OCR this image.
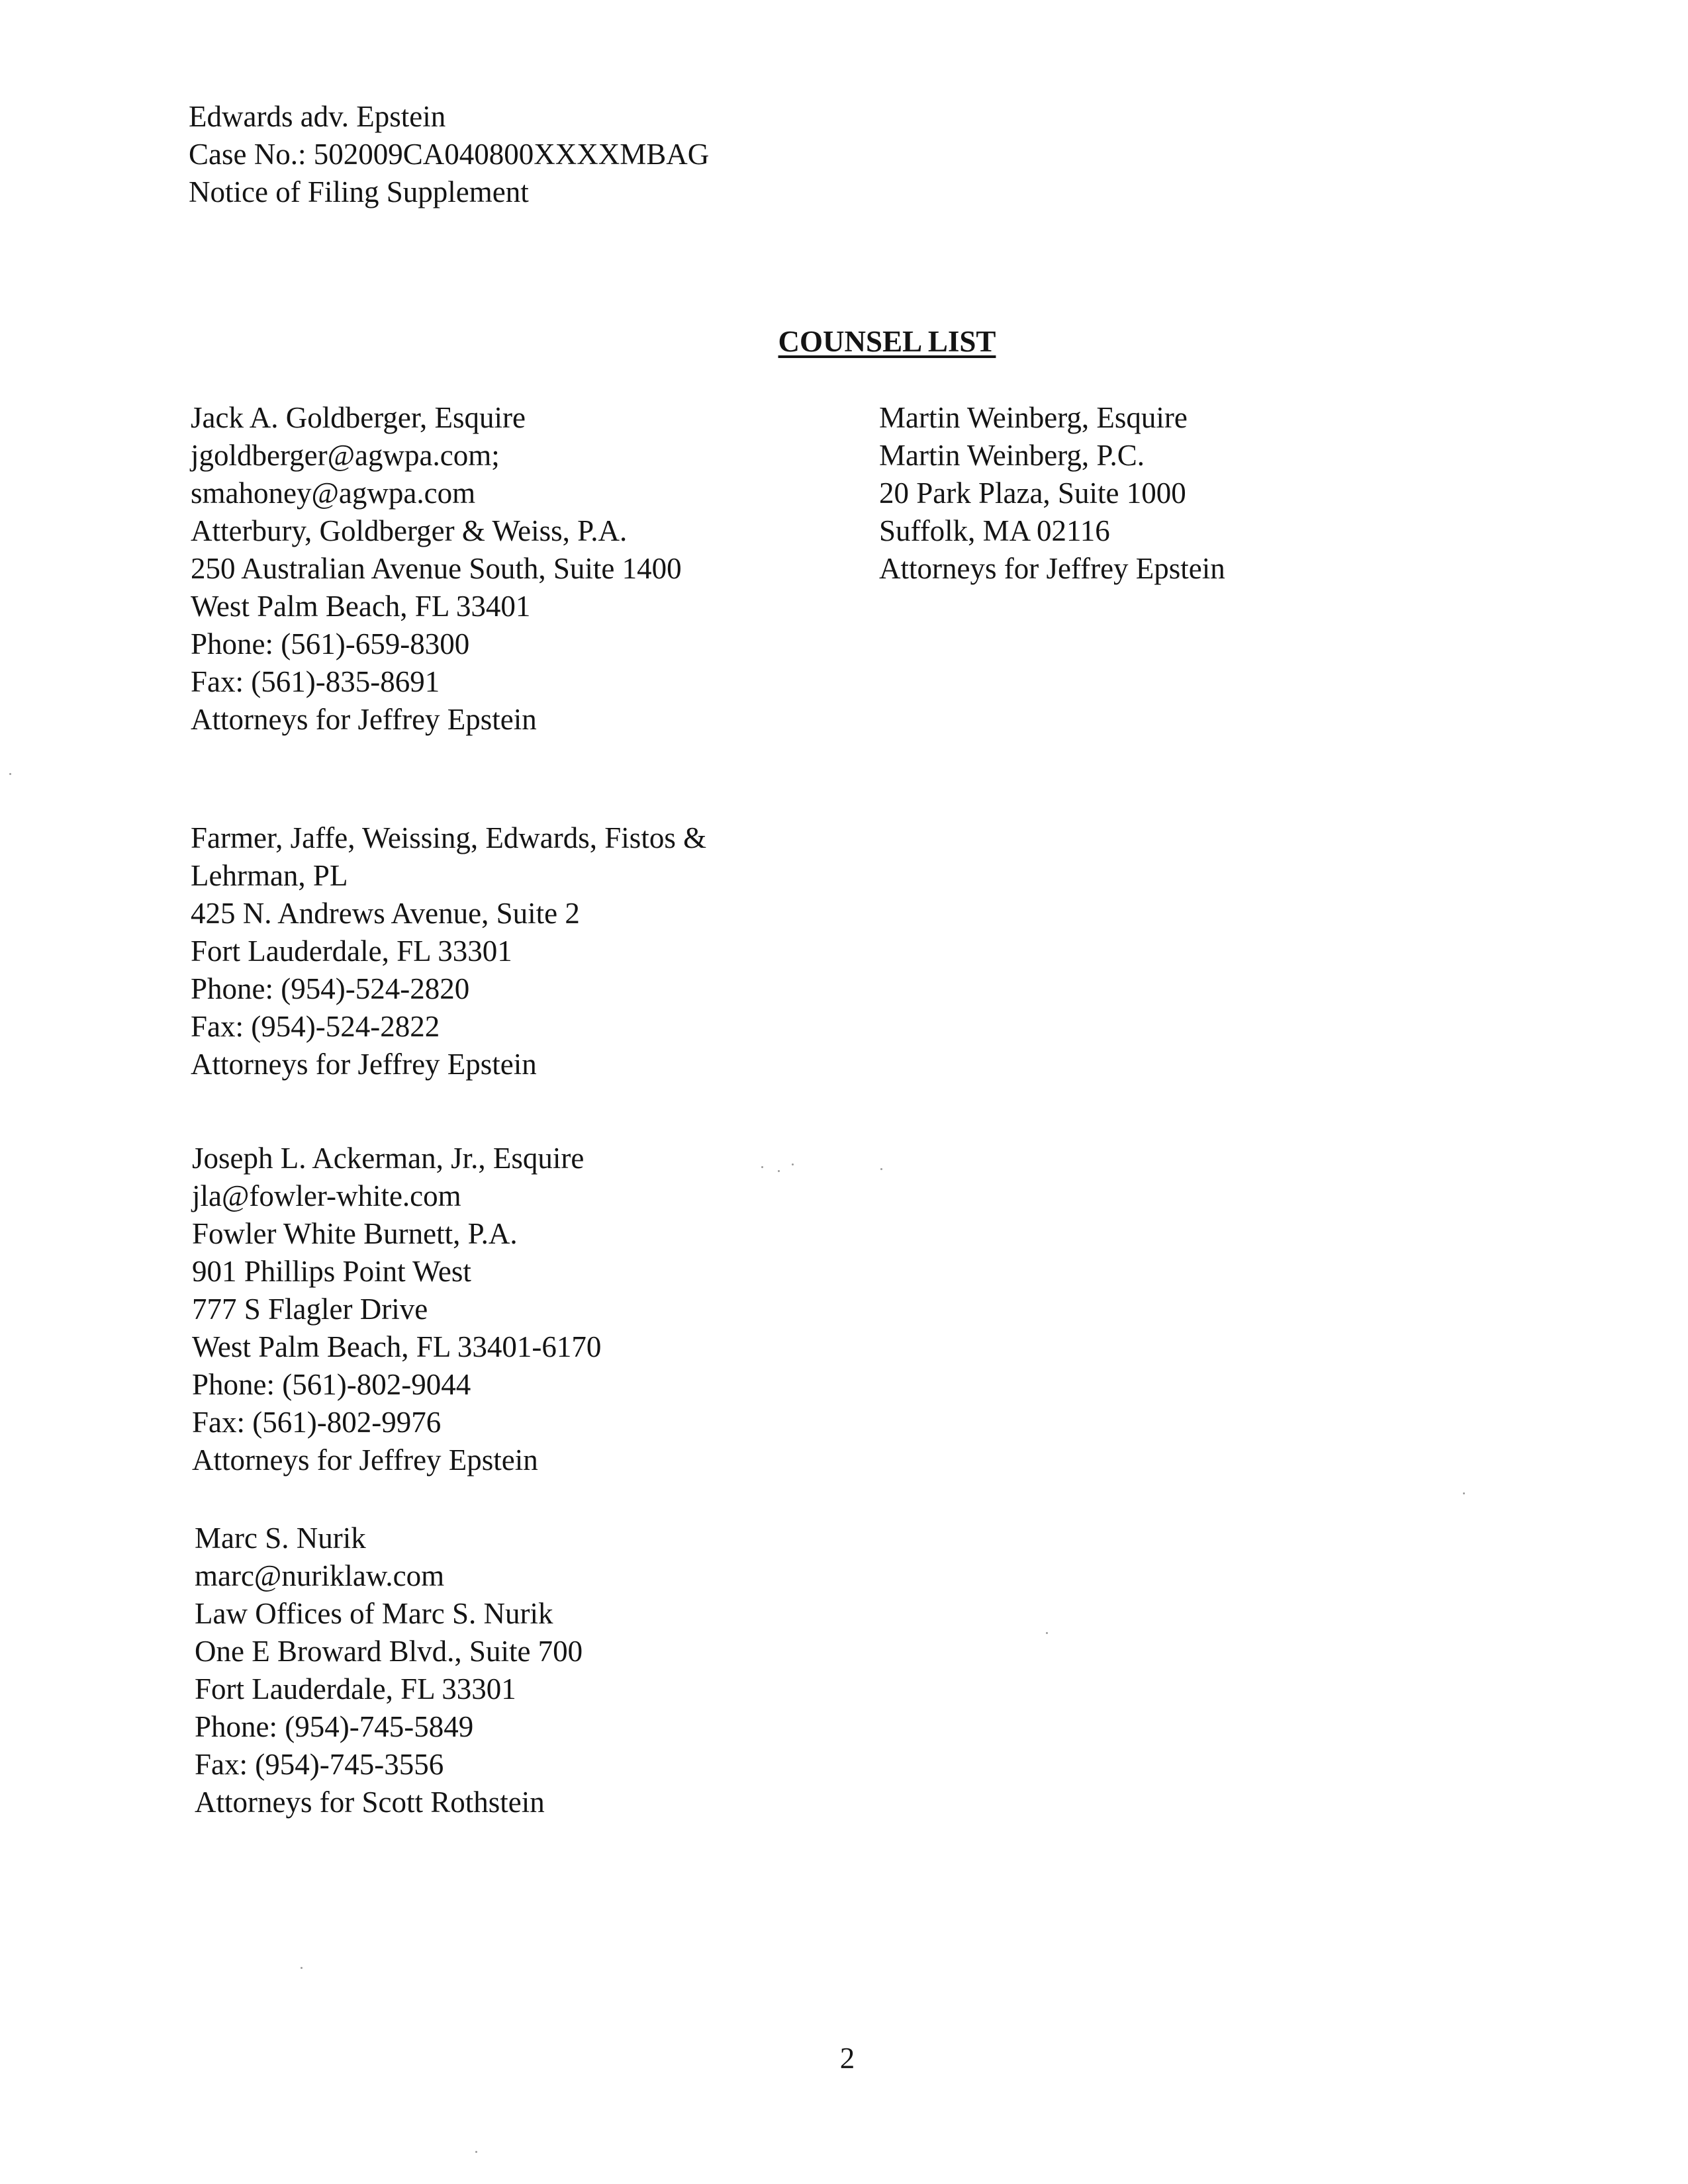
Edwards adv. Epstein
Case No.: 502009CA040800XXXXMBAG
Notice of Filing Supplement
COUNSEL LIST
Jack A. Goldberger, Esquire
jgoldberger@agwpa.com;
smahoney@agwpa.com
Atterbury, Goldberger & Weiss, P.A.
250 Australian Avenue South, Suite 1400
West Palm Beach, FL 33401
Phone: (561)-659-8300
Fax: (561)-835-8691
Attorneys for Jeffrey Epstein
Martin Weinberg, Esquire
Martin Weinberg, P.C.
20 Park Plaza, Suite 1000
Suffolk, MA 02116
Attorneys for Jeffrey Epstein
Farmer, Jaffe, Weissing, Edwards, Fistos &
Lehrman, PL
425 N. Andrews Avenue, Suite 2
Fort Lauderdale, FL 33301
Phone: (954)-524-2820
Fax: (954)-524-2822
Attorneys for Jeffrey Epstein
Joseph L. Ackerman, Jr., Esquire
jla@fowler-white.com
Fowler White Burnett, P.A.
901 Phillips Point West
777 S Flagler Drive
West Palm Beach, FL 33401-6170
Phone: (561)-802-9044
Fax: (561)-802-9976
Attorneys for Jeffrey Epstein
Marc S. Nurik
marc@nuriklaw.com
Law Offices of Marc S. Nurik
One E Broward Blvd., Suite 700
Fort Lauderdale, FL 33301
Phone: (954)-745-5849
Fax: (954)-745-3556
Attorneys for Scott Rothstein
2
